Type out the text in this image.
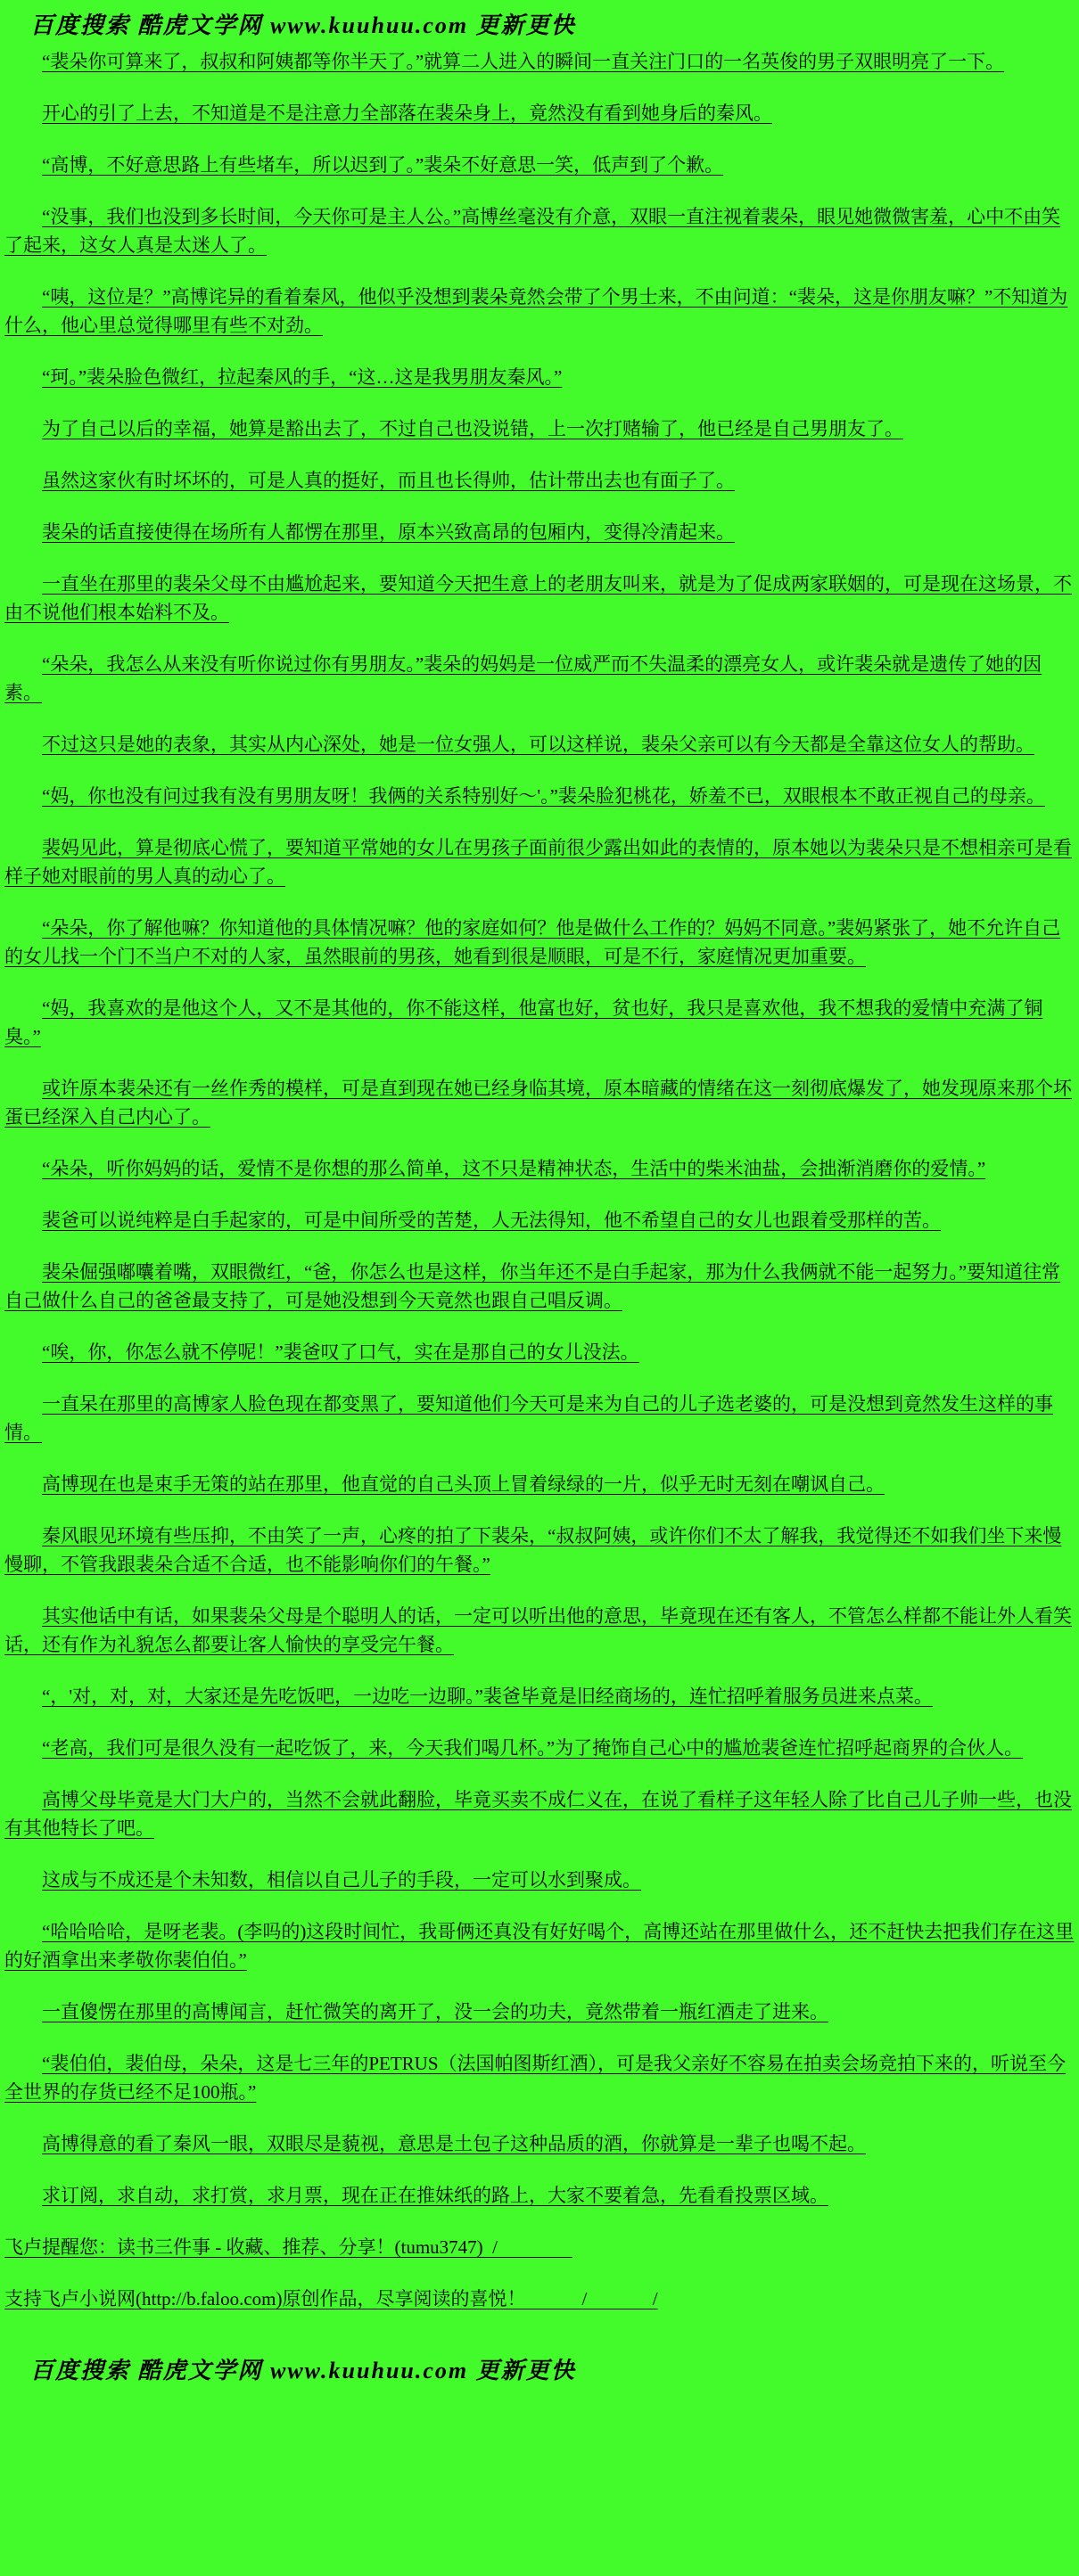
百度搜索 酷虎文学网 www.kuuhuu.com 更新更快

“裴朵你可算来了，叔叔和阿姨都等你半天了。”就算二人进入的瞬间一直关注门口的一名英俊的男子双眼明亮了一下。

开心的引了上去，不知道是不是注意力全部落在裴朵身上，竟然没有看到她身后的秦风。

“高博，不好意思路上有些堵车，所以迟到了。”裴朵不好意思一笑，低声到了个歉。

“没事，我们也没到多长时间，今天你可是主人公。”高博丝毫没有介意，双眼一直注视着裴朵，眼见她微微害羞，心中不由笑了起来，这女人真是太迷人了。

“咦，这位是？”高博诧异的看着秦风，他似乎没想到裴朵竟然会带了个男士来，不由问道：“裴朵，这是你朋友嘛？”不知道为什么，他心里总觉得哪里有些不对劲。

“珂。”裴朵脸色微红，拉起秦风的手，“这…这是我男朋友秦风。”

为了自己以后的幸福，她算是豁出去了，不过自己也没说错，上一次打赌输了，他已经是自己男朋友了。

虽然这家伙有时坏坏的，可是人真的挺好，而且也长得帅，估计带出去也有面子了。

裴朵的话直接使得在场所有人都愣在那里，原本兴致高昂的包厢内，变得冷清起来。

一直坐在那里的裴朵父母不由尴尬起来，要知道今天把生意上的老朋友叫来，就是为了促成两家联姻的，可是现在这场景，不由不说他们根本始料不及。

“朵朵，我怎么从来没有听你说过你有男朋友。”裴朵的妈妈是一位威严而不失温柔的漂亮女人，或许裴朵就是遗传了她的因素。

不过这只是她的表象，其实从内心深处，她是一位女强人，可以这样说，裴朵父亲可以有今天都是全靠这位女人的帮助。

“妈，你也没有问过我有没有男朋友呀！我俩的关系特别好～'。”裴朵脸犯桃花，娇羞不已，双眼根本不敢正视自己的母亲。

裴妈见此，算是彻底心慌了，要知道平常她的女儿在男孩子面前很少露出如此的表情的，原本她以为裴朵只是不想相亲可是看样子她对眼前的男人真的动心了。

“朵朵，你了解他嘛？你知道他的具体情况嘛？他的家庭如何？他是做什么工作的？妈妈不同意。”裴妈紧张了，她不允许自己的女儿找一个门不当户不对的人家，虽然眼前的男孩，她看到很是顺眼，可是不行，家庭情况更加重要。

“妈，我喜欢的是他这个人，又不是其他的，你不能这样，他富也好，贫也好，我只是喜欢他，我不想我的爱情中充满了铜臭。”

或许原本裴朵还有一丝作秀的模样，可是直到现在她已经身临其境，原本暗藏的情绪在这一刻彻底爆发了，她发现原来那个坏蛋已经深入自己内心了。

“朵朵，听你妈妈的话，爱情不是你想的那么简单，这不只是精神状态，生活中的柴米油盐，会拙渐消磨你的爱情。”

裴爸可以说纯粹是白手起家的，可是中间所受的苦楚，人无法得知，他不希望自己的女儿也跟着受那样的苦。

裴朵倔强嘟囔着嘴，双眼微红，“爸，你怎么也是这样，你当年还不是白手起家，那为什么我俩就不能一起努力。”要知道往常自己做什么自己的爸爸最支持了，可是她没想到今天竟然也跟自己唱反调。

“唉，你，你怎么就不停呢！”裴爸叹了口气，实在是那自己的女儿没法。

一直呆在那里的高博家人脸色现在都变黑了，要知道他们今天可是来为自己的儿子选老婆的，可是没想到竟然发生这样的事情。

高博现在也是束手无策的站在那里，他直觉的自己头顶上冒着绿绿的一片，似乎无时无刻在嘲讽自己。

秦风眼见环境有些压抑，不由笑了一声，心疼的拍了下裴朵，“叔叔阿姨，或许你们不太了解我，我觉得还不如我们坐下来慢慢聊，不管我跟裴朵合适不合适，也不能影响你们的午餐。”

其实他话中有话，如果裴朵父母是个聪明人的话，一定可以听出他的意思，毕竟现在还有客人，不管怎么样都不能让外人看笑话，还有作为礼貌怎么都要让客人愉快的享受完午餐。

“，'对，对，对，大家还是先吃饭吧，一边吃一边聊。”裴爸毕竟是旧经商场的，连忙招呼着服务员进来点菜。

“老高，我们可是很久没有一起吃饭了，来，今天我们喝几杯。”为了掩饰自己心中的尴尬裴爸连忙招呼起商界的合伙人。

高博父母毕竟是大门大户的，当然不会就此翻脸，毕竟买卖不成仁义在，在说了看样子这年轻人除了比自己儿子帅一些，也没有其他特长了吧。

这成与不成还是个未知数，相信以自己儿子的手段，一定可以水到聚成。

“哈哈哈哈，是呀老裴。(李吗的)这段时间忙，我哥俩还真没有好好喝个，高博还站在那里做什么，还不赶快去把我们存在这里的好酒拿出来孝敬你裴伯伯。”

一直傻愣在那里的高博闻言，赶忙微笑的离开了，没一会的功夫，竟然带着一瓶红酒走了进来。

“裴伯伯，裴伯母，朵朵，这是七三年的PETRUS（法国帕图斯红酒），可是我父亲好不容易在拍卖会场竞拍下来的，听说至今全世界的存货已经不足100瓶。”

高博得意的看了秦风一眼，双眼尽是藐视，意思是土包子这种品质的酒，你就算是一辈子也喝不起。

求订阅，求自动，求打赏，求月票，现在正在推妹纸的路上，大家不要着急，先看看投票区域。

飞卢提醒您：读书三件事 - 收藏、推荐、分享！(tumu3747)  /

支持飞卢小说网(http://b.faloo.com)原创作品，尽享阅读的喜悦！            /              /

百度搜索 酷虎文学网 www.kuuhuu.com 更新更快
